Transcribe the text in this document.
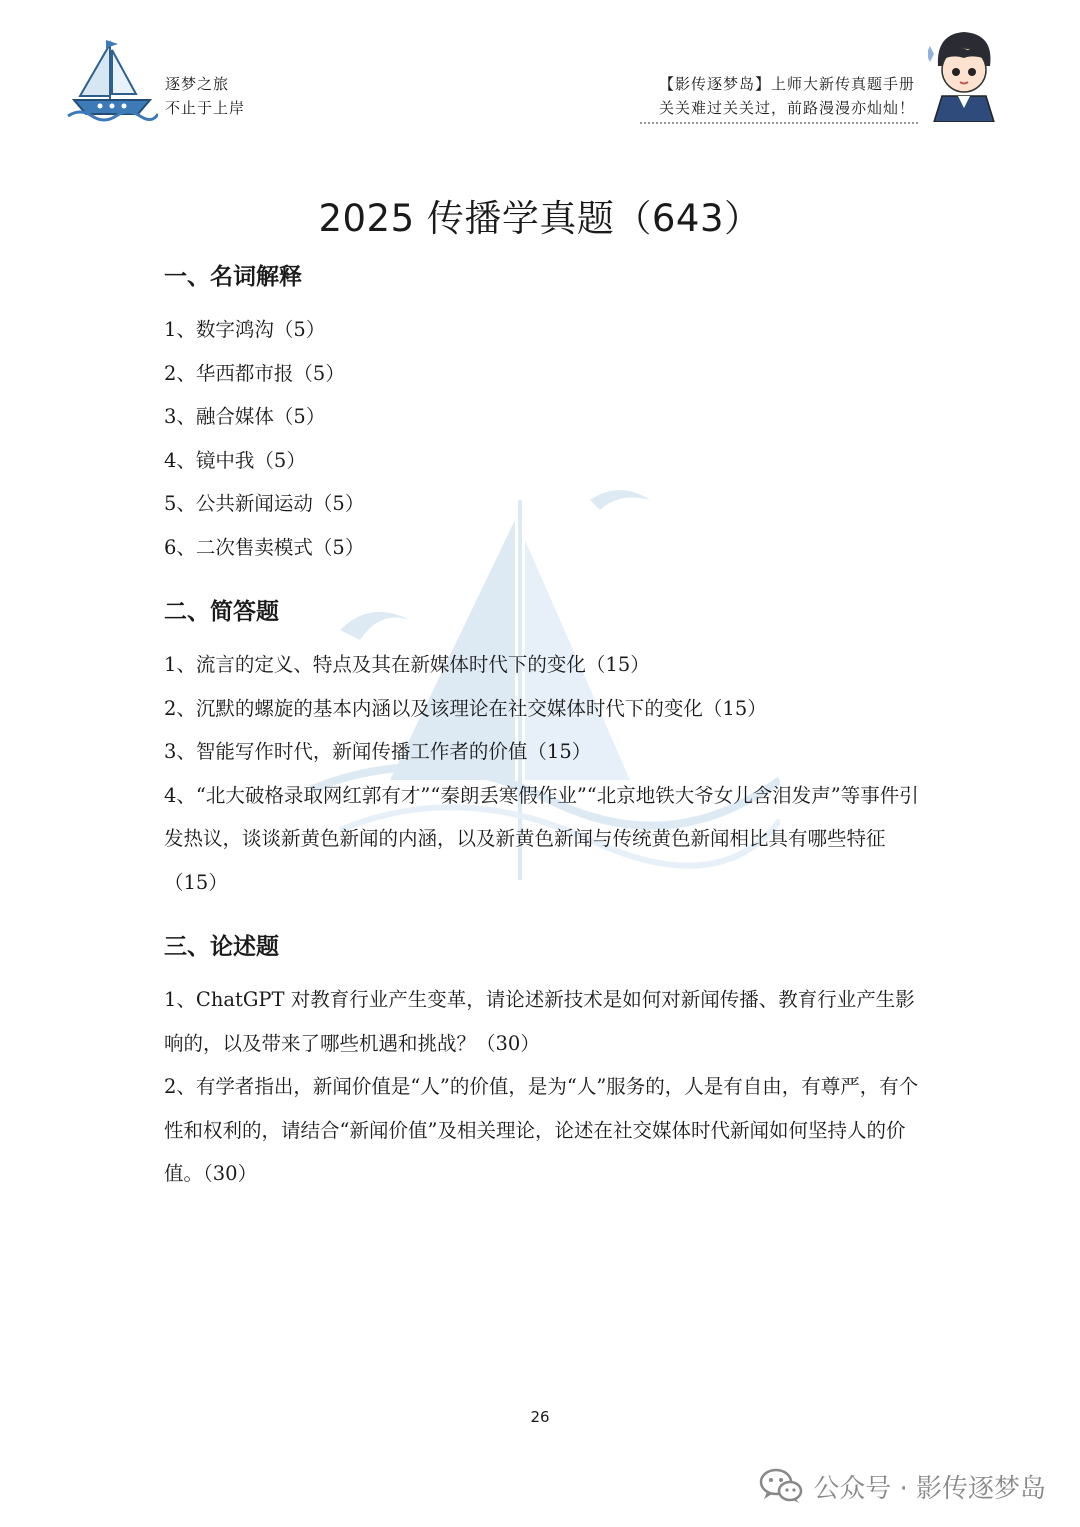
逐梦之旅
不止于上岸
【影传逐梦岛】上师大新传真题手册
关关难过关关过，前路漫漫亦灿灿！
2025 传播学真题（643）
一、名词解释

1、数字鸿沟（5）

2、华西都市报（5）

3、融合媒体（5）

4、镜中我（5）

5、公共新闻运动（5）

6、二次售卖模式（5）

二、简答题

1、流言的定义、特点及其在新媒体时代下的变化（15）

2、沉默的螺旋的基本内涵以及该理论在社交媒体时代下的变化（15）

3、智能写作时代，新闻传播工作者的价值（15）

4、“北大破格录取网红郭有才”“秦朗丢寒假作业”“北京地铁大爷女儿含泪发声”等事件引发热议，谈谈新黄色新闻的内涵，以及新黄色新闻与传统黄色新闻相比具有哪些特征（15）

三、论述题

1、ChatGPT 对教育行业产生变革，请论述新技术是如何对新闻传播、教育行业产生影响的，以及带来了哪些机遇和挑战？（30）

2、有学者指出，新闻价值是“人”的价值，是为“人”服务的，人是有自由，有尊严，有个性和权利的，请结合“新闻价值”及相关理论，论述在社交媒体时代新闻如何坚持人的价值。（30）

26
公众号 · 影传逐梦岛
